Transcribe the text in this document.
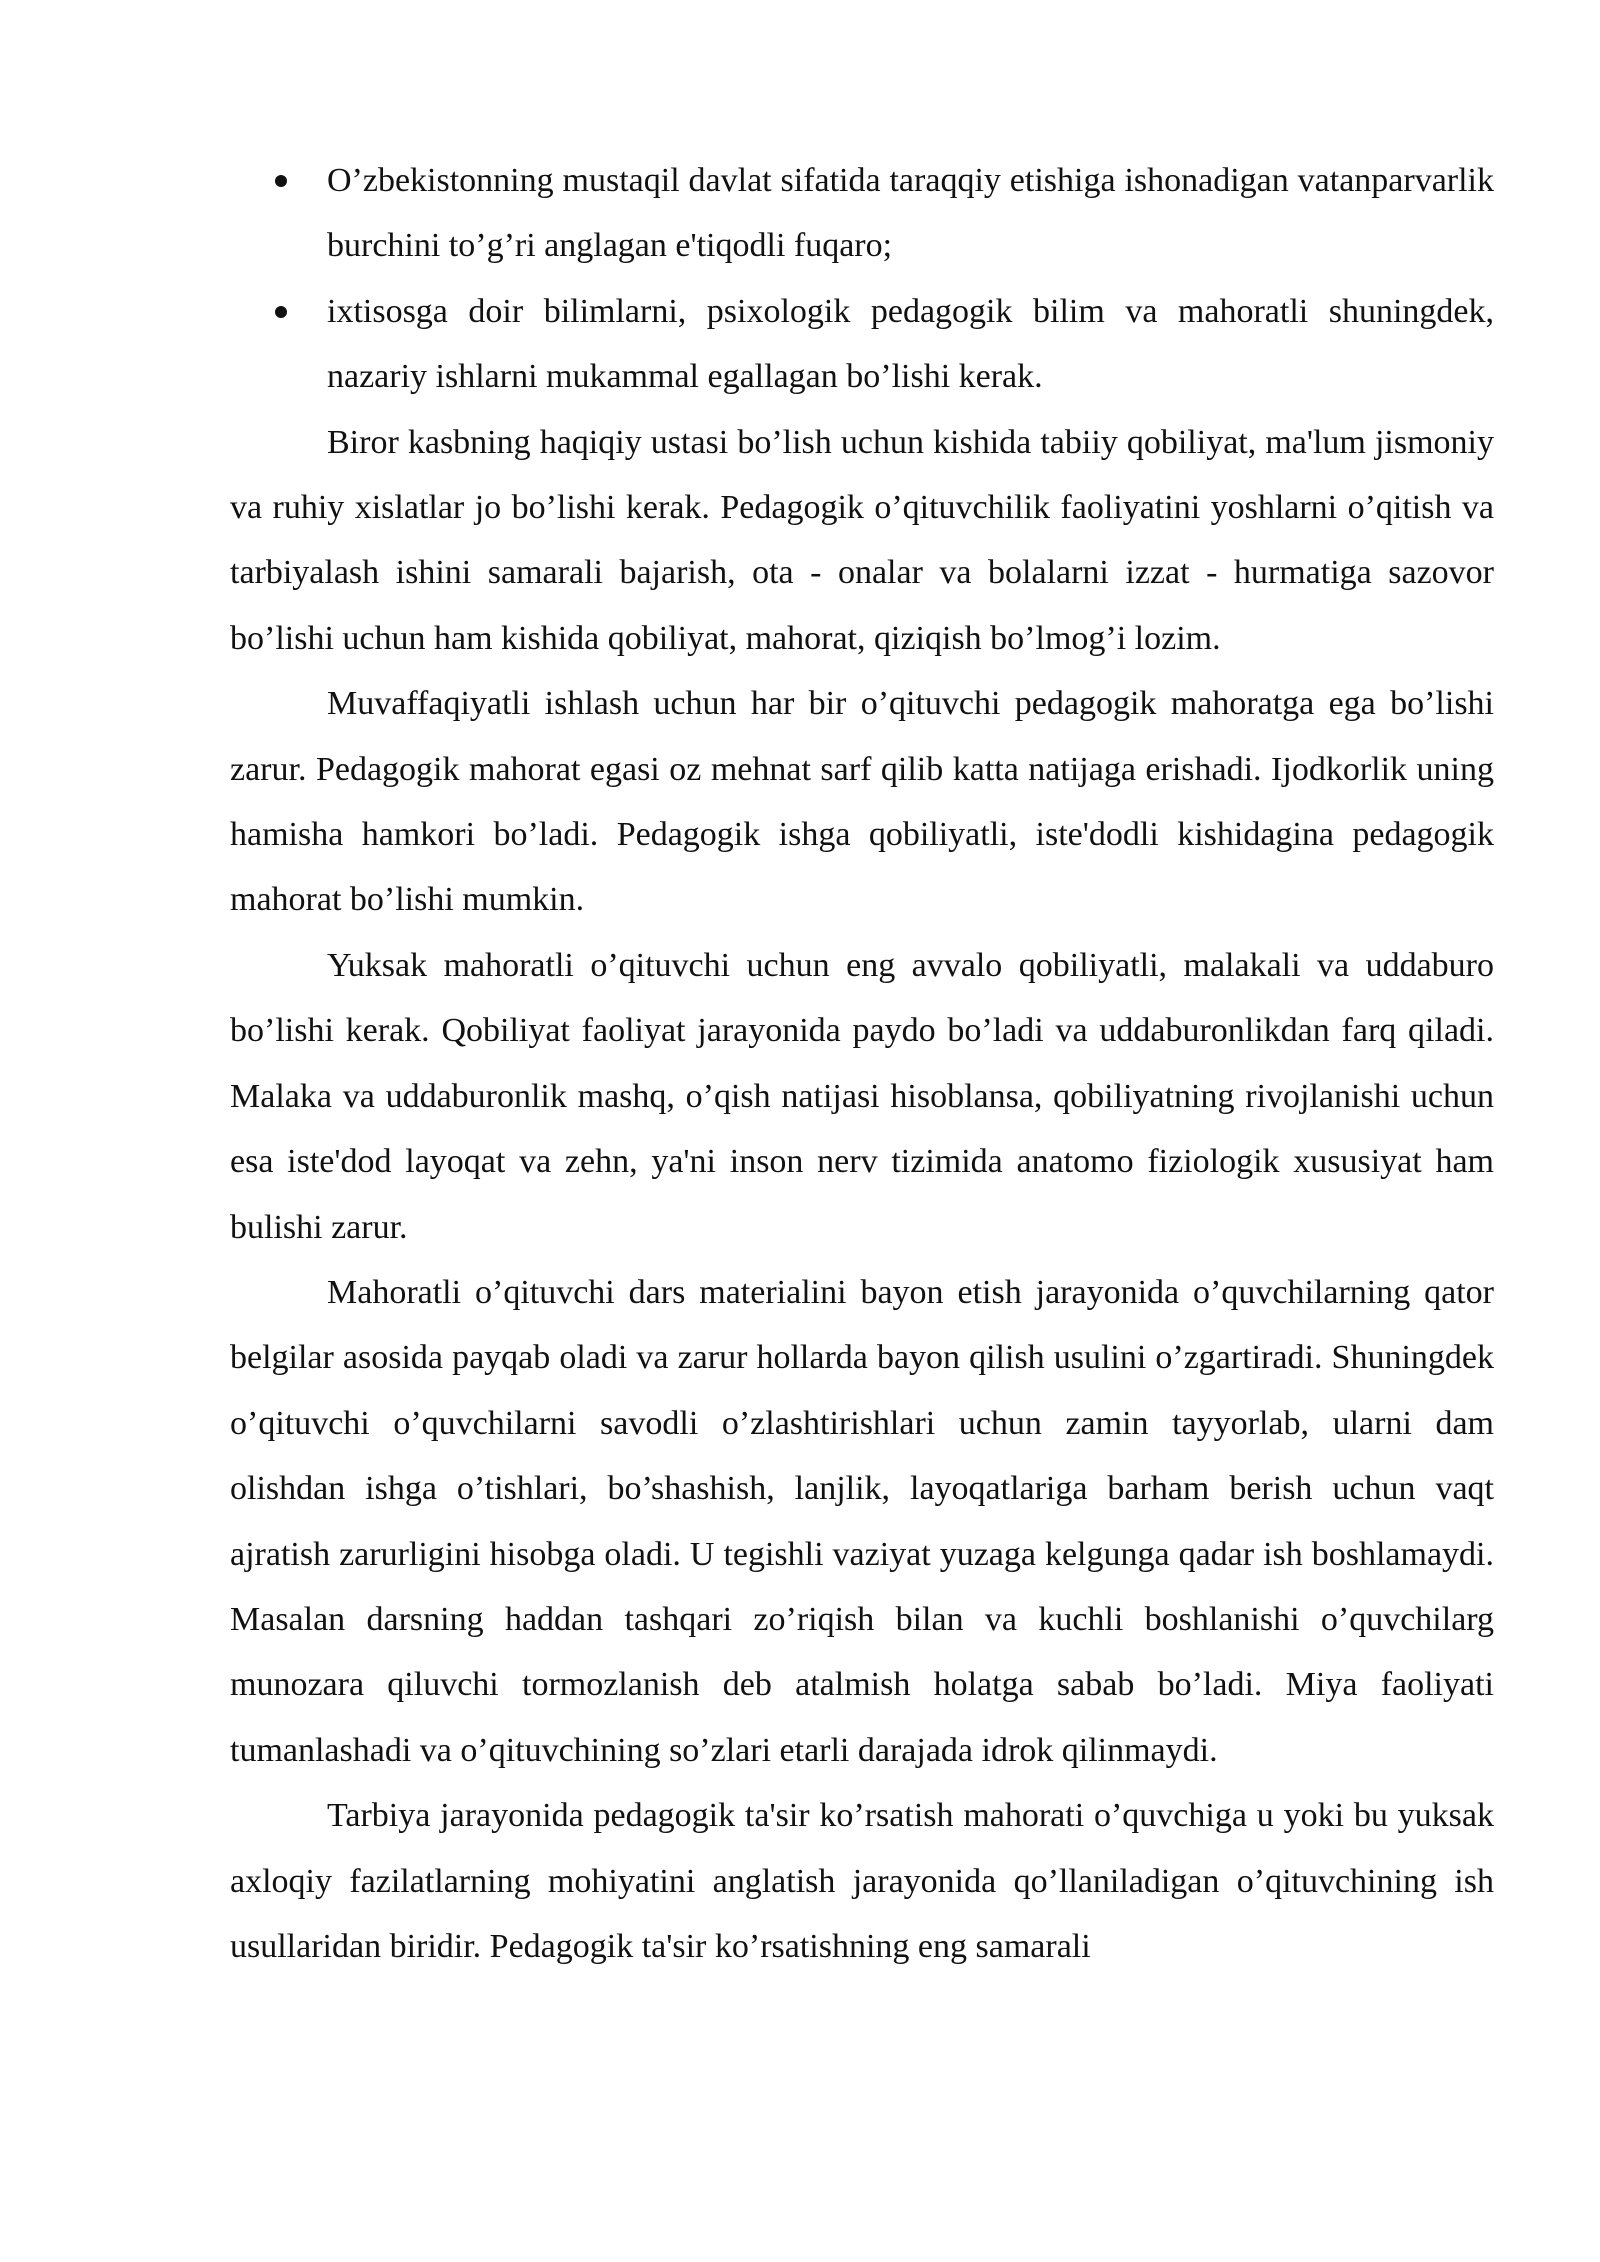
O’zbekistonning mustaqil davlat sifatida taraqqiy etishiga ishonadigan vatanparvarlik burchini to’g’ri anglagan e'tiqodli fuqaro;
ixtisosga doir bilimlarni, psixologik pedagogik bilim va mahoratli shuningdek, nazariy ishlarni mukammal egallagan bo’lishi kerak.

Biror kasbning haqiqiy ustasi bo’lish uchun kishida tabiiy qobiliyat, ma'lum jismoniy va ruhiy xislatlar jo bo’lishi kerak. Pedagogik o’qituvchilik faoliyatini yoshlarni o’qitish va tarbiyalash ishini samarali bajarish, ota - onalar va bolalarni izzat - hurmatiga sazovor bo’lishi uchun ham kishida qobiliyat, mahorat, qiziqish bo’lmog’i lozim.

Muvaffaqiyatli ishlash uchun har bir o’qituvchi pedagogik mahoratga ega bo’lishi zarur. Pedagogik mahorat egasi oz mehnat sarf qilib katta natijaga erishadi. Ijodkorlik uning hamisha hamkori bo’ladi. Pedagogik ishga qobiliyatli, iste'dodli kishidagina pedagogik mahorat bo’lishi mumkin.

Yuksak mahoratli o’qituvchi uchun eng avvalo qobiliyatli, malakali va uddaburo bo’lishi kerak. Qobiliyat faoliyat jarayonida paydo bo’ladi va uddaburonlikdan farq qiladi. Malaka va uddaburonlik mashq, o’qish natijasi hisoblansa, qobiliyatning rivojlanishi uchun esa iste'dod layoqat va zehn, ya'ni inson nerv tizimida anatomo fiziologik xususiyat ham bulishi zarur.

Mahoratli o’qituvchi dars materialini bayon etish jarayonida o’quvchilarning qator belgilar asosida payqab oladi va zarur hollarda bayon qilish usulini o’zgartiradi. Shuningdek o’qituvchi o’quvchilarni savodli o’zlashtirishlari uchun zamin tayyorlab, ularni dam olishdan ishga o’tishlari, bo’shashish, lanjlik, layoqatlariga barham berish uchun vaqt ajratish zarurligini hisobga oladi. U tegishli vaziyat yuzaga kelgunga qadar ish boshlamaydi. Masalan darsning haddan tashqari zo’riqish bilan va kuchli boshlanishi o’quvchilarg munozara qiluvchi tormozlanish deb atalmish holatga sabab bo’ladi. Miya faoliyati tumanlashadi va o’qituvchining so’zlari etarli darajada idrok qilinmaydi.

Tarbiya jarayonida pedagogik ta'sir ko’rsatish mahorati o’quvchiga u yoki bu yuksak axloqiy fazilatlarning mohiyatini anglatish jarayonida qo’llaniladigan o’qituvchining ish usullaridan biridir. Pedagogik ta'sir ko’rsatishning eng samarali
